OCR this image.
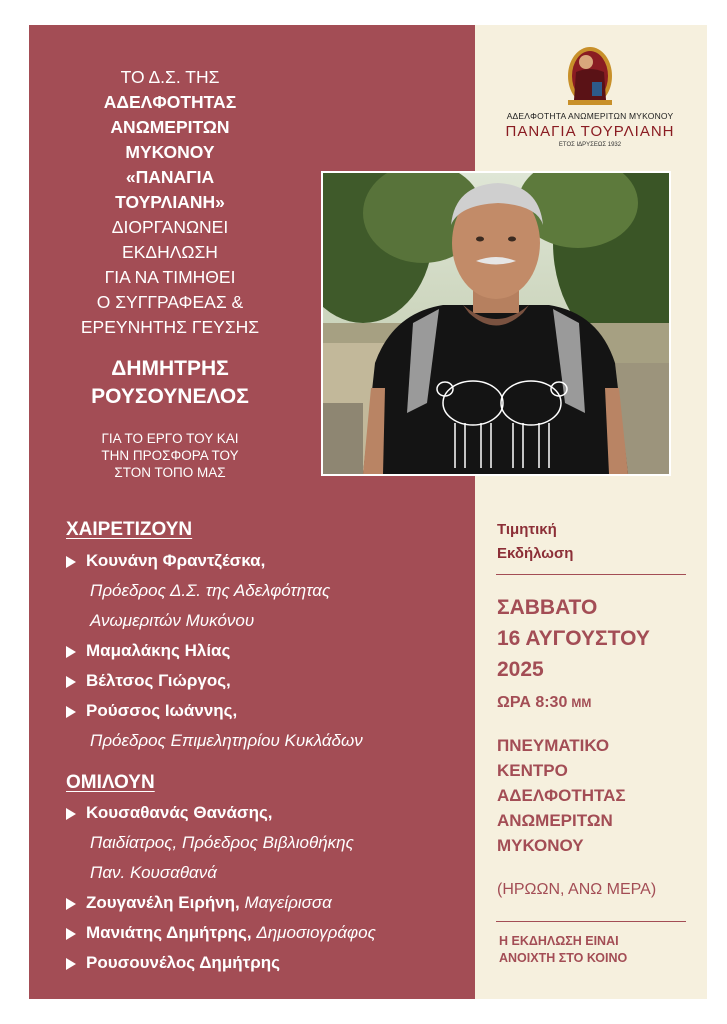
ΤΟ Δ.Σ. ΤΗΣ
ΑΔΕΛΦΟΤΗΤΑΣ
ΑΝΩΜΕΡΙΤΩΝ
ΜΥΚΟΝΟΥ
«ΠΑΝΑΓΙΑ
ΤΟΥΡΛΙΑΝΗ»
ΔΙΟΡΓΑΝΩΝΕΙ
ΕΚΔΗΛΩΣΗ
ΓΙΑ ΝΑ ΤΙΜΗΘΕΙ
Ο ΣΥΓΓΡΑΦΕΑΣ &
ΕΡΕΥΝΗΤΗΣ ΓΕΥΣΗΣ
ΔΗΜΗΤΡΗΣ
ΡΟΥΣΟΥΝΕΛΟΣ
ΓΙΑ ΤΟ ΕΡΓΟ ΤΟΥ ΚΑΙ
ΤΗΝ ΠΡΟΣΦΟΡΑ ΤΟΥ
ΣΤΟΝ ΤΟΠΟ ΜΑΣ
ΧΑΙΡΕΤΙΖΟΥΝ
Κουνάνη Φραντζέσκα,
Πρόεδρος Δ.Σ. της Αδελφότητας
Ανωμεριτών Μυκόνου
Μαμαλάκης Ηλίας
Βέλτσος Γιώργος,
Ρούσσος Ιωάννης,
Πρόεδρος Επιμελητηρίου Κυκλάδων
ΟΜΙΛΟΥΝ
Κουσαθανάς Θανάσης,
Παιδίατρος, Πρόεδρος Βιβλιοθήκης
Παν. Κουσαθανά
Ζουγανέλη Ειρήνη, Μαγείρισσα
Μανιάτης Δημήτρης, Δημοσιογράφος
Ρουσουνέλος Δημήτρης
ΑΔΕΛΦΟΤΗΤΑ ΑΝΩΜΕΡΙΤΩΝ ΜΥΚΟΝΟΥ
ΠΑΝΑΓΙΑ ΤΟΥΡΛΙΑΝΗ
ΕΤΟΣ ΙΔΡΥΣΕΩΣ 1932
Τιμητική
Εκδήλωση
ΣΑΒΒΑΤΟ
16 ΑΥΓΟΥΣΤΟΥ
2025
ΩΡΑ 8:30 ΜΜ
ΠΝΕΥΜΑΤΙΚΟ
ΚΕΝΤΡΟ
ΑΔΕΛΦΟΤΗΤΑΣ
ΑΝΩΜΕΡΙΤΩΝ
ΜΥΚΟΝΟΥ
(ΗΡΩΩΝ, ΑΝΩ ΜΕΡΑ)
Η ΕΚΔΗΛΩΣΗ ΕΙΝΑΙ
ΑΝΟΙΧΤΗ ΣΤΟ ΚΟΙΝΟ
